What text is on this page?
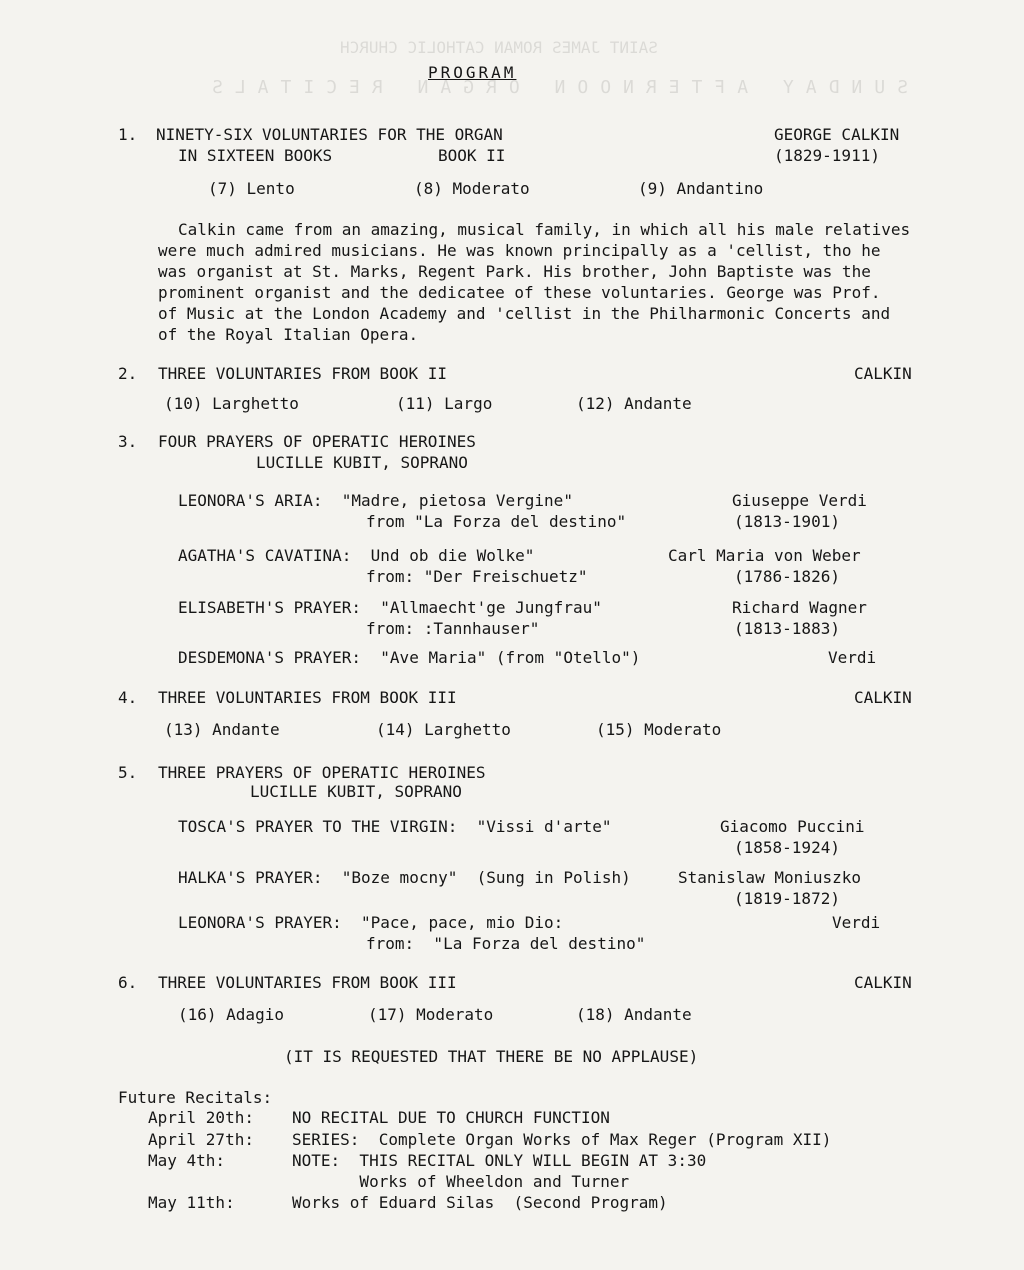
SAINT JAMES ROMAN CATHOLIC CHURCH
SUNDAY AFTERNOON ORGAN RECITALS
PROGRAM
1. NINETY-SIX VOLUNTARIES FOR THE ORGAN	GEORGE CALKIN
IN SIXTEEN BOOKS	BOOK II	(1829-1911)
(7) Lento	(8) Moderato	(9) Andantino
Calkin came from an amazing, musical family, in which all his male relatives
were much admired musicians. He was known principally as a 'cellist, tho he
was organist at St. Marks, Regent Park. His brother, John Baptiste was the
prominent organist and the dedicatee of these voluntaries. George was Prof.
of Music at the London Academy and 'cellist in the Philharmonic Concerts and
of the Royal Italian Opera.
2. THREE VOLUNTARIES FROM BOOK II	CALKIN
(10) Larghetto	(11) Largo	(12) Andante
3. FOUR PRAYERS OF OPERATIC HEROINES
LUCILLE KUBIT, SOPRANO
LEONORA'S ARIA:  "Madre, pietosa Vergine"	Giuseppe Verdi
from "La Forza del destino"	(1813-1901)
AGATHA'S CAVATINA:  Und ob die Wolke"	Carl Maria von Weber
from: "Der Freischuetz"	(1786-1826)
ELISABETH'S PRAYER:  "Allmaecht'ge Jungfrau"	Richard Wagner
from: :Tannhauser"	(1813-1883)
DESDEMONA'S PRAYER:  "Ave Maria" (from "Otello")	Verdi
4. THREE VOLUNTARIES FROM BOOK III	CALKIN
(13) Andante	(14) Larghetto	(15) Moderato
5. THREE PRAYERS OF OPERATIC HEROINES
LUCILLE KUBIT, SOPRANO
TOSCA'S PRAYER TO THE VIRGIN:  "Vissi d'arte"	Giacomo Puccini
(1858-1924)
HALKA'S PRAYER:  "Boze mocny"  (Sung in Polish)	Stanislaw Moniuszko
(1819-1872)
LEONORA'S PRAYER:  "Pace, pace, mio Dio:	Verdi
from:  "La Forza del destino"
6. THREE VOLUNTARIES FROM BOOK III	CALKIN
(16) Adagio	(17) Moderato	(18) Andante
(IT IS REQUESTED THAT THERE BE NO APPLAUSE)
Future Recitals:
April 20th: NO RECITAL DUE TO CHURCH FUNCTION
April 27th: SERIES:  Complete Organ Works of Max Reger (Program XII)
May 4th:	NOTE:  THIS RECITAL ONLY WILL BEGIN AT 3:30
Works of Wheeldon and Turner
May 11th:	Works of Eduard Silas  (Second Program)
